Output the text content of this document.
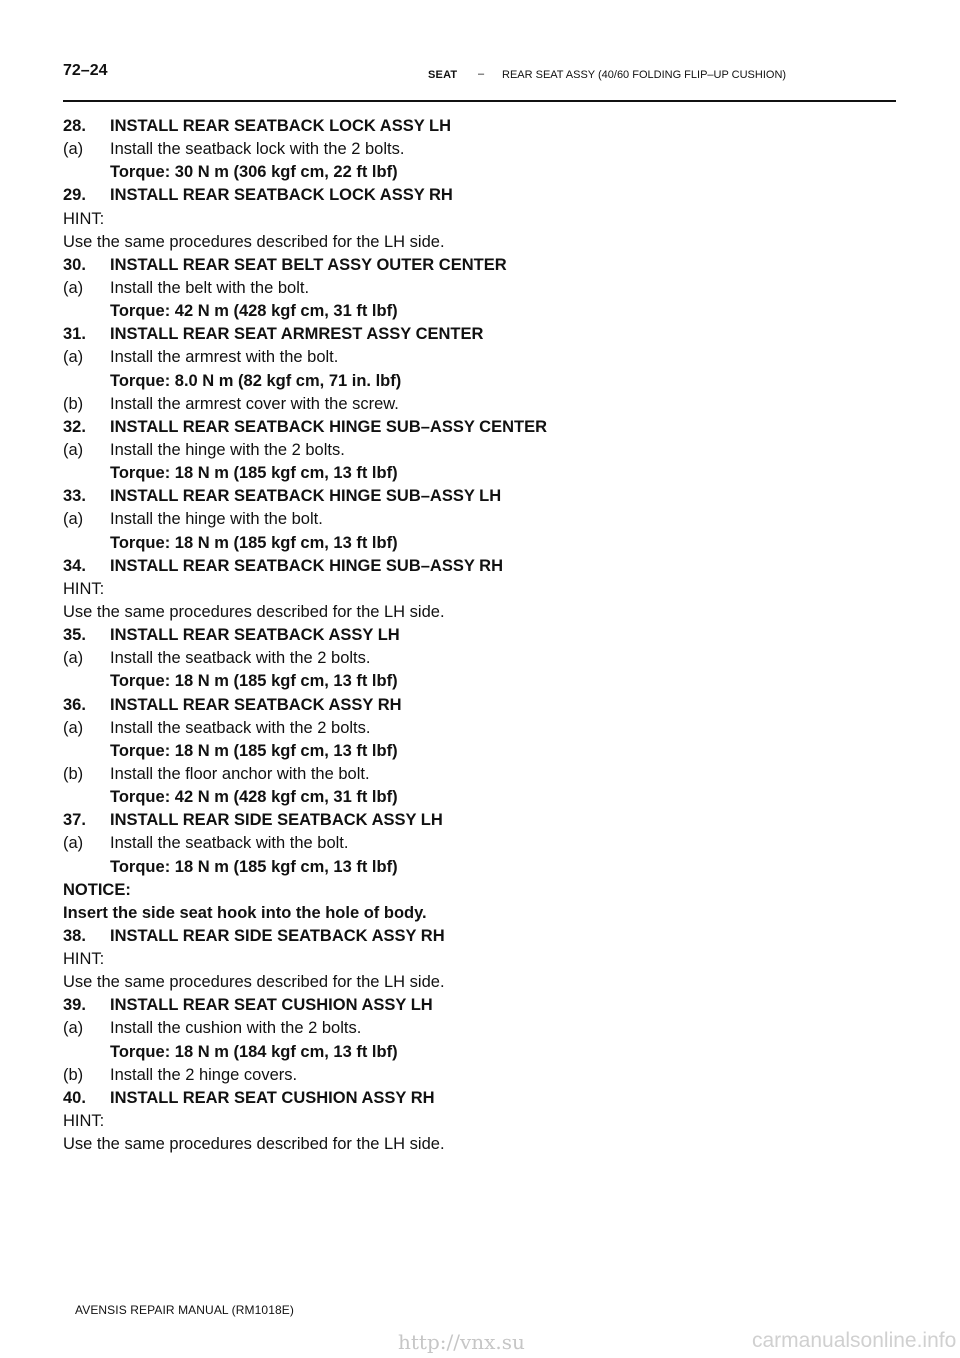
72–24	SEAT – REAR SEAT ASSY (40/60 FOLDING FLIP–UP CUSHION)
28. INSTALL REAR SEATBACK LOCK ASSY LH
(a) Install the seatback lock with the 2 bolts.
Torque: 30 N m (306 kgf cm, 22 ft lbf)
29. INSTALL REAR SEATBACK LOCK ASSY RH
HINT:
Use the same procedures described for the LH side.
30. INSTALL REAR SEAT BELT ASSY OUTER CENTER
(a) Install the belt with the bolt.
Torque: 42 N m (428 kgf cm, 31 ft lbf)
31. INSTALL REAR SEAT ARMREST ASSY CENTER
(a) Install the armrest with the bolt.
Torque: 8.0 N m (82 kgf cm, 71 in. lbf)
(b) Install the armrest cover with the screw.
32. INSTALL REAR SEATBACK HINGE SUB–ASSY CENTER
(a) Install the hinge with the 2 bolts.
Torque: 18 N m (185 kgf cm, 13 ft lbf)
33. INSTALL REAR SEATBACK HINGE SUB–ASSY LH
(a) Install the hinge with the bolt.
Torque: 18 N m (185 kgf cm, 13 ft lbf)
34. INSTALL REAR SEATBACK HINGE SUB–ASSY RH
HINT:
Use the same procedures described for the LH side.
35. INSTALL REAR SEATBACK ASSY LH
(a) Install the seatback with the 2 bolts.
Torque: 18 N m (185 kgf cm, 13 ft lbf)
36. INSTALL REAR SEATBACK ASSY RH
(a) Install the seatback with the 2 bolts.
Torque: 18 N m (185 kgf cm, 13 ft lbf)
(b) Install the floor anchor with the bolt.
Torque: 42 N m (428 kgf cm, 31 ft lbf)
37. INSTALL REAR SIDE SEATBACK ASSY LH
(a) Install the seatback with the bolt.
Torque: 18 N m (185 kgf cm, 13 ft lbf)
NOTICE:
Insert the side seat hook into the hole of body.
38. INSTALL REAR SIDE SEATBACK ASSY RH
HINT:
Use the same procedures described for the LH side.
39. INSTALL REAR SEAT CUSHION ASSY LH
(a) Install the cushion with the 2 bolts.
Torque: 18 N m (184 kgf cm, 13 ft lbf)
(b) Install the 2 hinge covers.
40. INSTALL REAR SEAT CUSHION ASSY RH
HINT:
Use the same procedures described for the LH side.
AVENSIS REPAIR MANUAL (RM1018E)
http://vnx.su	carmanualsonline.info
